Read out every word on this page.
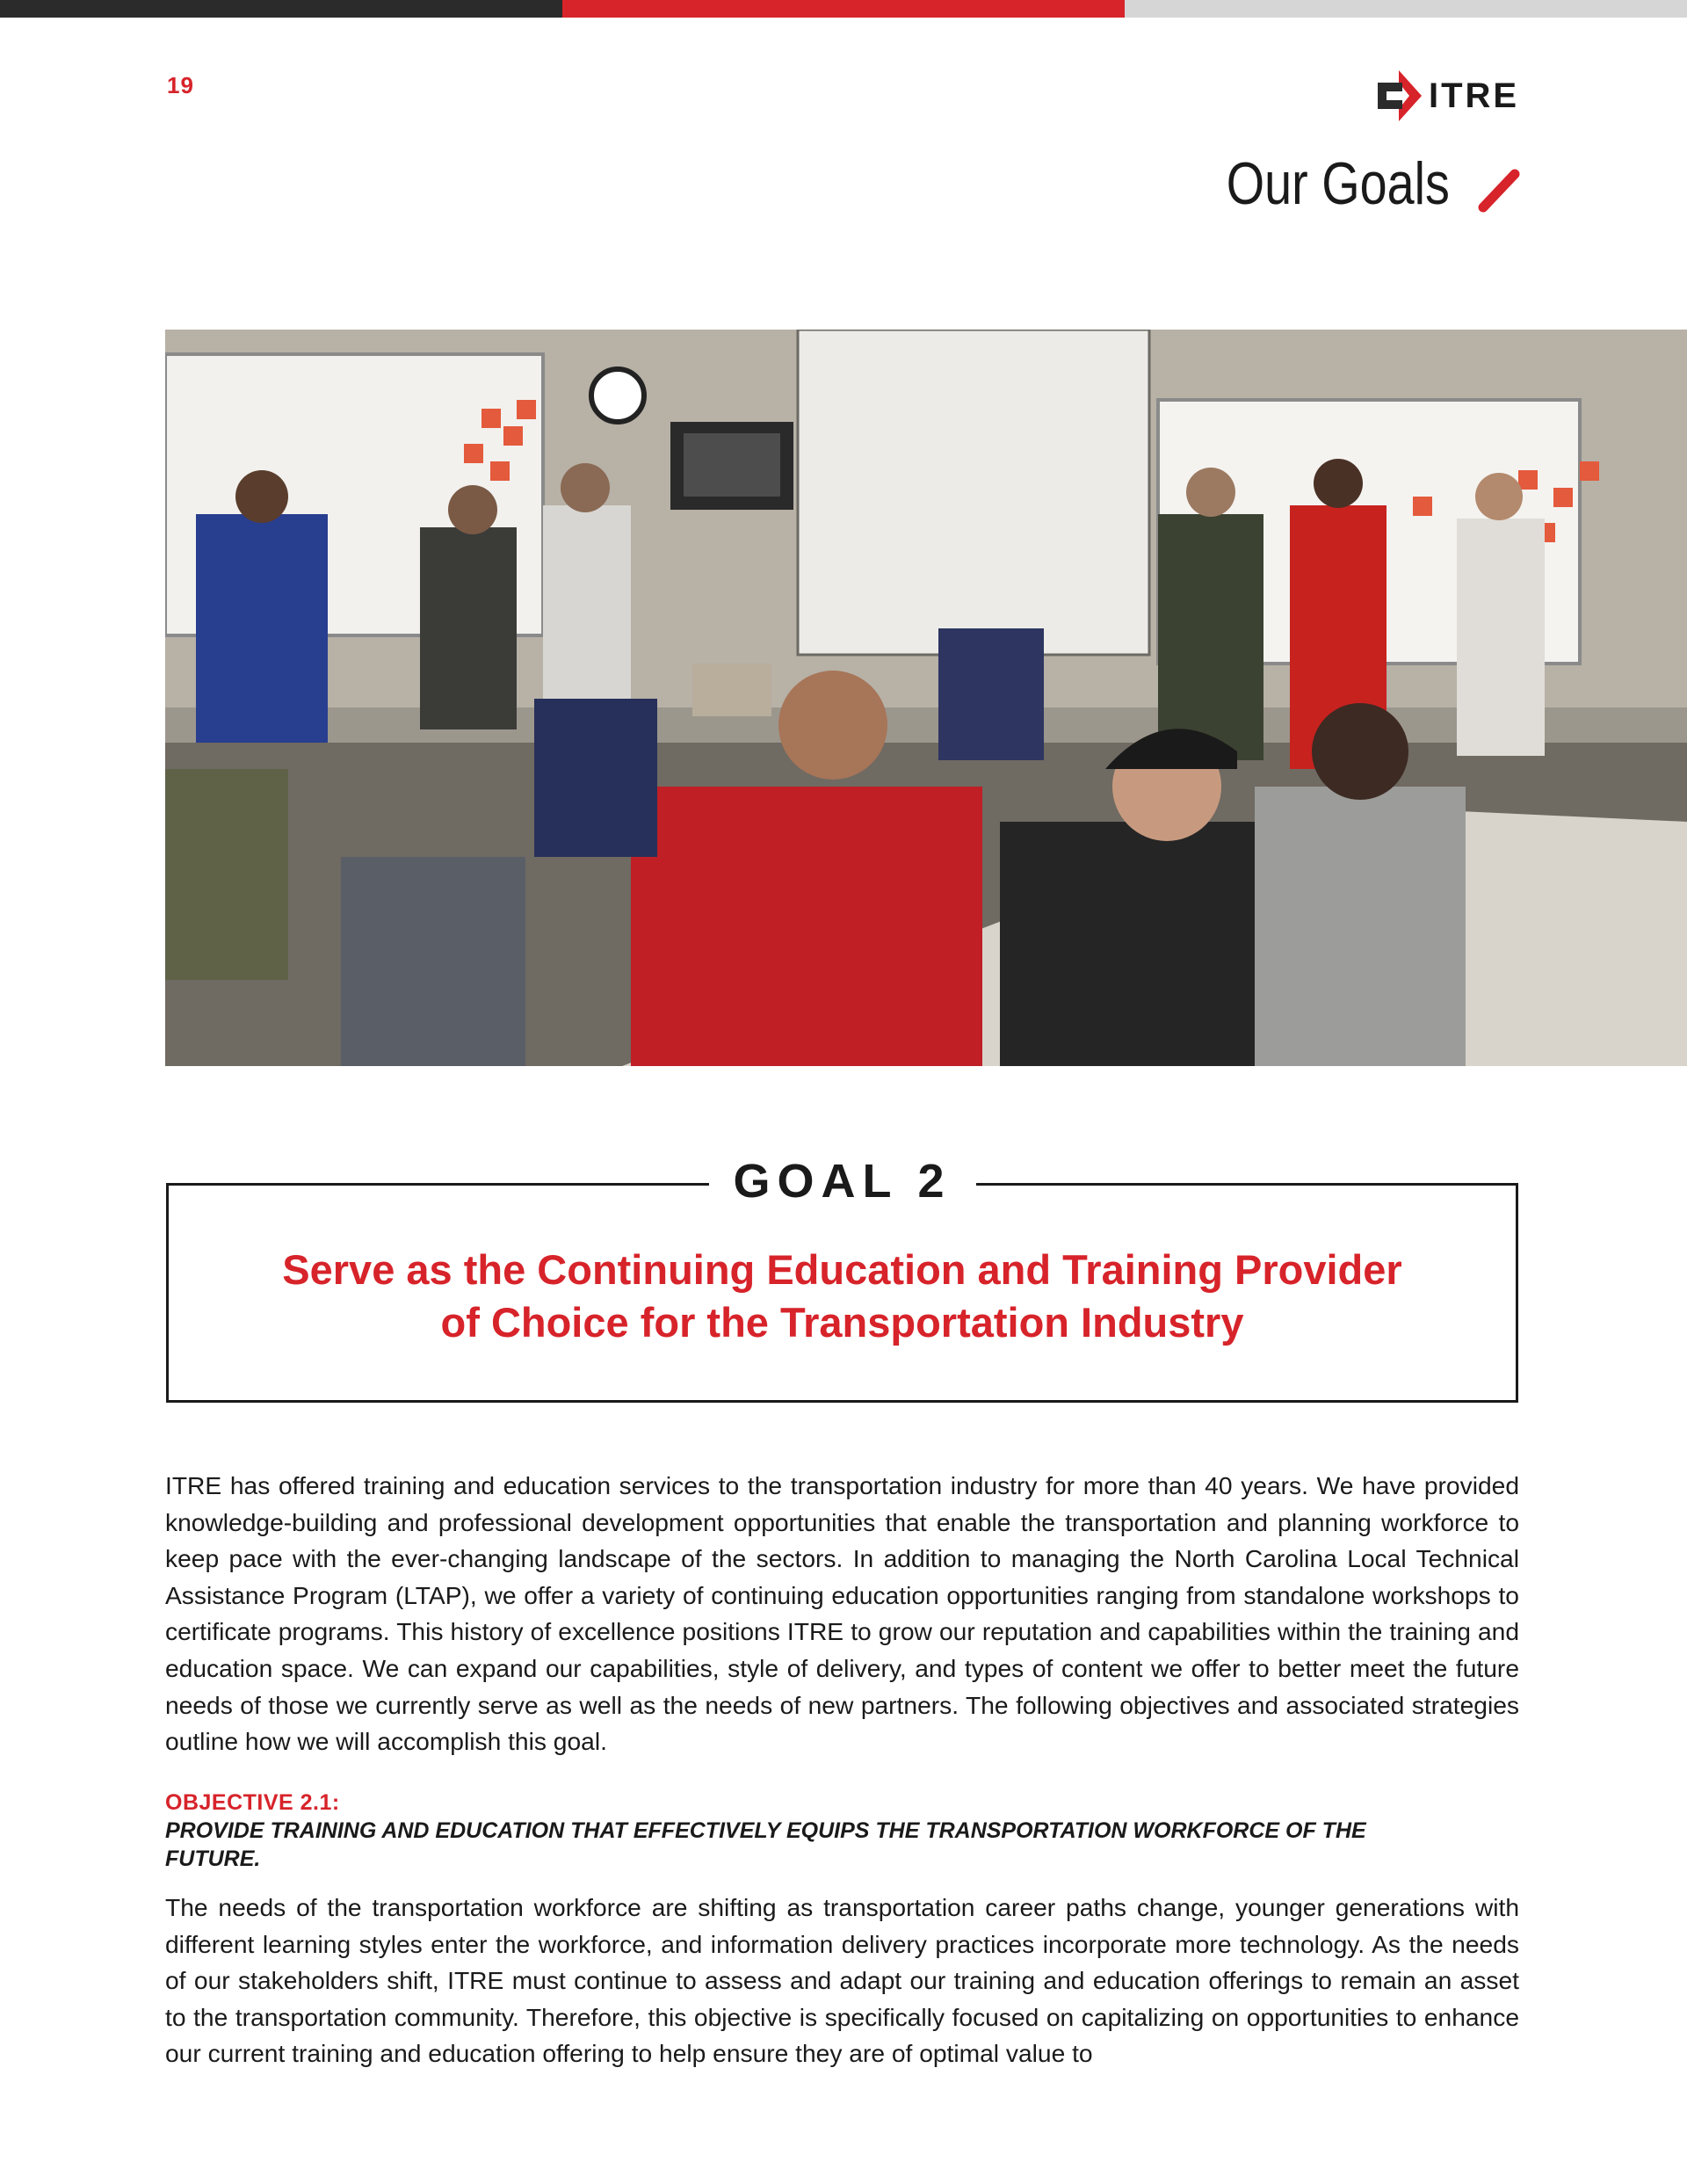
19	ITRE
Our Goals
GOAL 2
Serve as the Continuing Education and Training Provider
of Choice for the Transportation Industry

ITRE has offered training and education services to the transportation industry for more than 40 years. We have provided knowledge-building and professional development opportunities that enable the transportation and planning workforce to keep pace with the ever-changing landscape of the sectors. In addition to managing the North Carolina Local Technical Assistance Program (LTAP), we offer a variety of continuing education opportunities ranging from standalone workshops to certificate programs. This history of excellence positions ITRE to grow our reputation and capabilities within the training and education space. We can expand our capabilities, style of delivery, and types of content we offer to better meet the future needs of those we currently serve as well as the needs of new partners. The following objectives and associated strategies outline how we will accomplish this goal.

OBJECTIVE 2.1:
PROVIDE TRAINING AND EDUCATION THAT EFFECTIVELY EQUIPS THE TRANSPORTATION WORKFORCE OF THE FUTURE.

The needs of the transportation workforce are shifting as transportation career paths change, younger generations with different learning styles enter the workforce, and information delivery practices incorporate more technology. As the needs of our stakeholders shift, ITRE must continue to assess and adapt our training and education offerings to remain an asset to the transportation community. Therefore, this objective is specifically focused on capitalizing on opportunities to enhance our current training and education offering to help ensure they are of optimal value to
